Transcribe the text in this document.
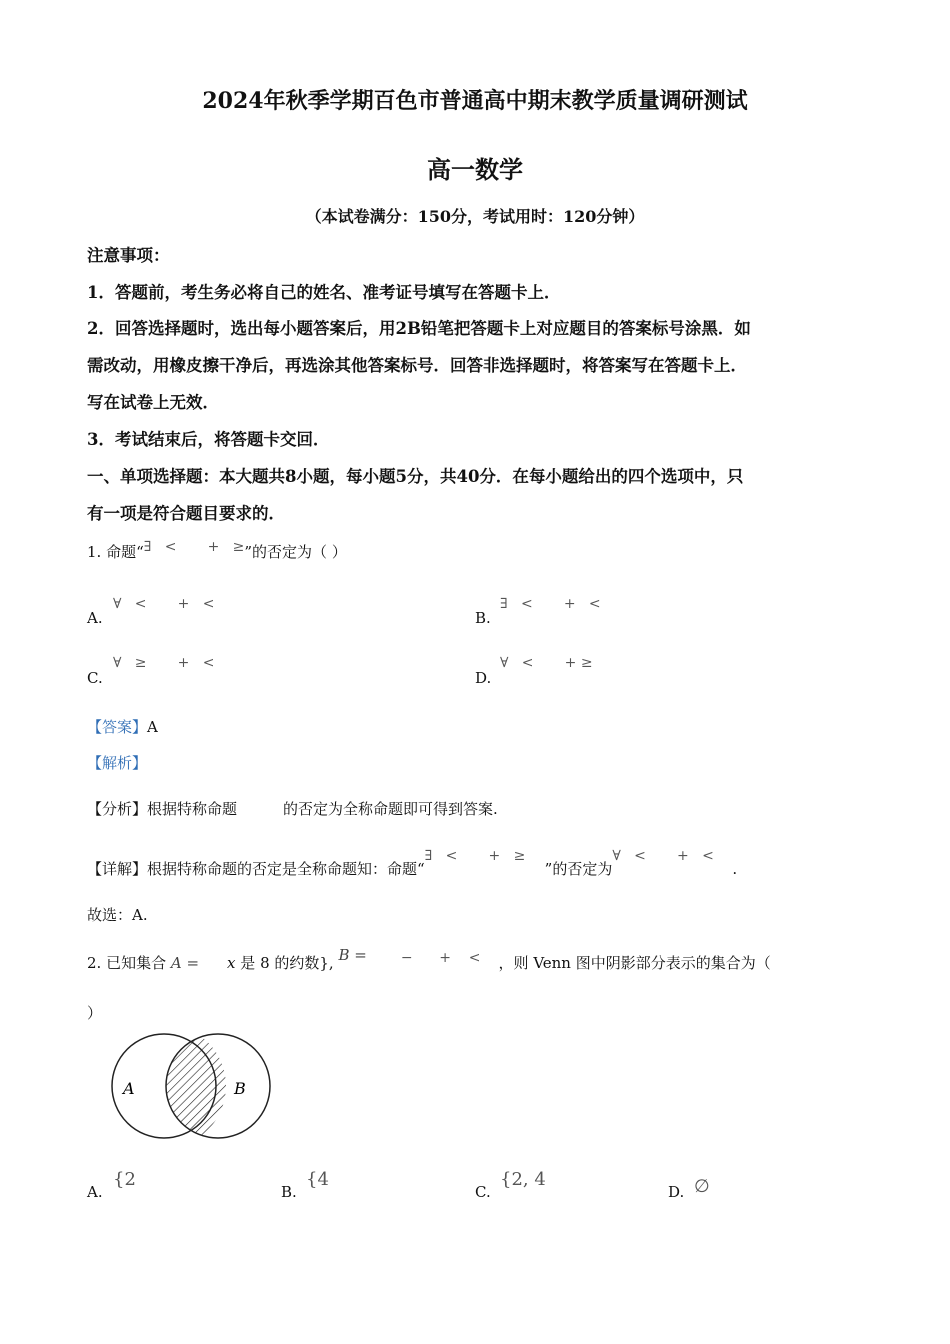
2024年秋季学期百色市普通高中期末教学质量调研测试
高一数学
（本试卷满分：150分，考试用时：120分钟）
注意事项：
1．答题前，考生务必将自己的姓名、准考证号填写在答题卡上．
2．回答选择题时，选出每小题答案后，用2B铅笔把答题卡上对应题目的答案标号涂黑．如
需改动，用橡皮擦干净后，再选涂其他答案标号．回答非选择题时，将答案写在答题卡上．
写在试卷上无效．
3．考试结束后，将答题卡交回．
一、单项选择题：本大题共8小题，每小题5分，共40分．在每小题给出的四个选项中，只
有一项是符合题目要求的．
1. 命题“∃   <       +   ≥”的否定为（ ）
A.
∀   <       +   <
B.
∃   <       +   <
C.
∀   ≥       +   <
D.
∀   <       + ≥
【答案】A
【解析】
【分析】根据特称命题	的否定为全称命题即可得到答案.
【详解】根据特称命题的否定是全称命题知：命题“∃   <       +   ≥”的否定为∀   <       +   <.
故选：A.
2. 已知集合 A = x 是 8 的约数}, B = −      +    < ，则 Venn 图中阴影部分表示的集合为（
）
A	B
A.
{2
B.
{4
C.
{2, 4
D. ∅
